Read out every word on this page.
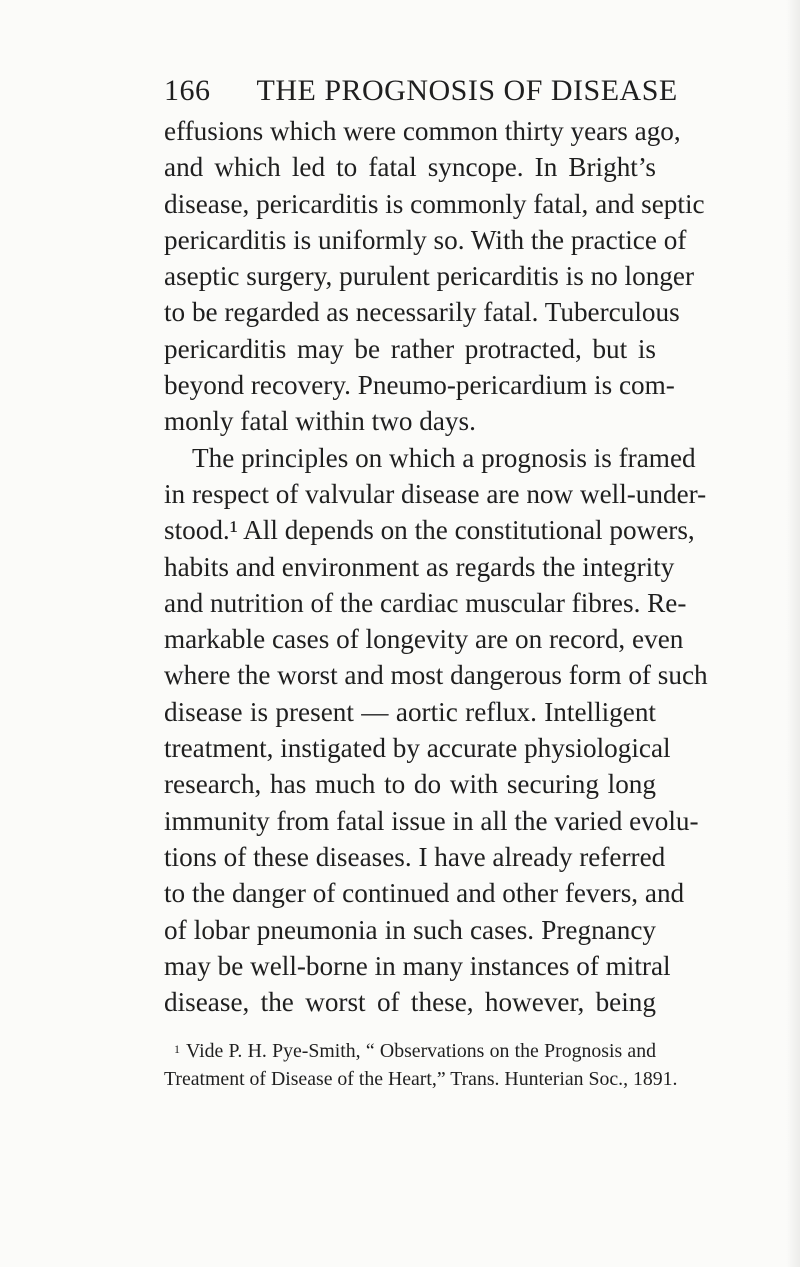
166 THE PROGNOSIS OF DISEASE
effusions which were common thirty years ago,
and which led to fatal syncope. In Bright’s
disease, pericarditis is commonly fatal, and septic
pericarditis is uniformly so. With the practice of
aseptic surgery, purulent pericarditis is no longer
to be regarded as necessarily fatal. Tuberculous
pericarditis may be rather protracted, but is
beyond recovery. Pneumo-pericardium is com-
monly fatal within two days.
The principles on which a prognosis is framed
in respect of valvular disease are now well-under-
stood.¹ All depends on the constitutional powers,
habits and environment as regards the integrity
and nutrition of the cardiac muscular fibres. Re-
markable cases of longevity are on record, even
where the worst and most dangerous form of such
disease is present — aortic reflux. Intelligent
treatment, instigated by accurate physiological
research, has much to do with securing long
immunity from fatal issue in all the varied evolu-
tions of these diseases. I have already referred
to the danger of continued and other fevers, and
of lobar pneumonia in such cases. Pregnancy
may be well-borne in many instances of mitral
disease, the worst of these, however, being
$^1$ Vide P. H. Pye-Smith, “ Observations on the Prognosis and
Treatment of Disease of the Heart,” Trans. Hunterian Soc., 1891.
